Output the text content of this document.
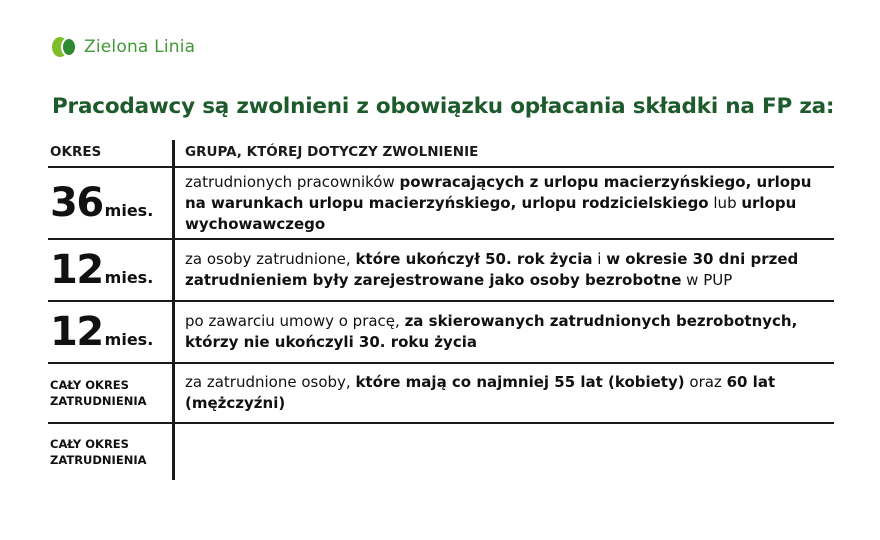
Zielona Linia
Pracodawcy są zwolnieni z obowiązku opłacania składki na FP za:
OKRES	GRUPA, KTÓREJ DOTYCZY ZWOLNIENIE
36 mies.

zatrudnionych pracowników powracających z urlopu macierzyńskiego, urlopu na warunkach urlopu macierzyńskiego, urlopu rodzicielskiego lub urlopu wychowawczego

12 mies.

za osoby zatrudnione, które ukończył 50. rok życia i w okresie 30 dni przed zatrudnieniem były zarejestrowane jako osoby bezrobotne w PUP

12 mies.

po zawarciu umowy o pracę, za skierowanych zatrudnionych bezrobotnych, którzy nie ukończyli 30. roku życia

CAŁY OKRES
ZATRUDNIENIA

za zatrudnione osoby, które mają co najmniej 55 lat (kobiety) oraz 60 lat (mężczyźni)

CAŁY OKRES
ZATRUDNIENIA
